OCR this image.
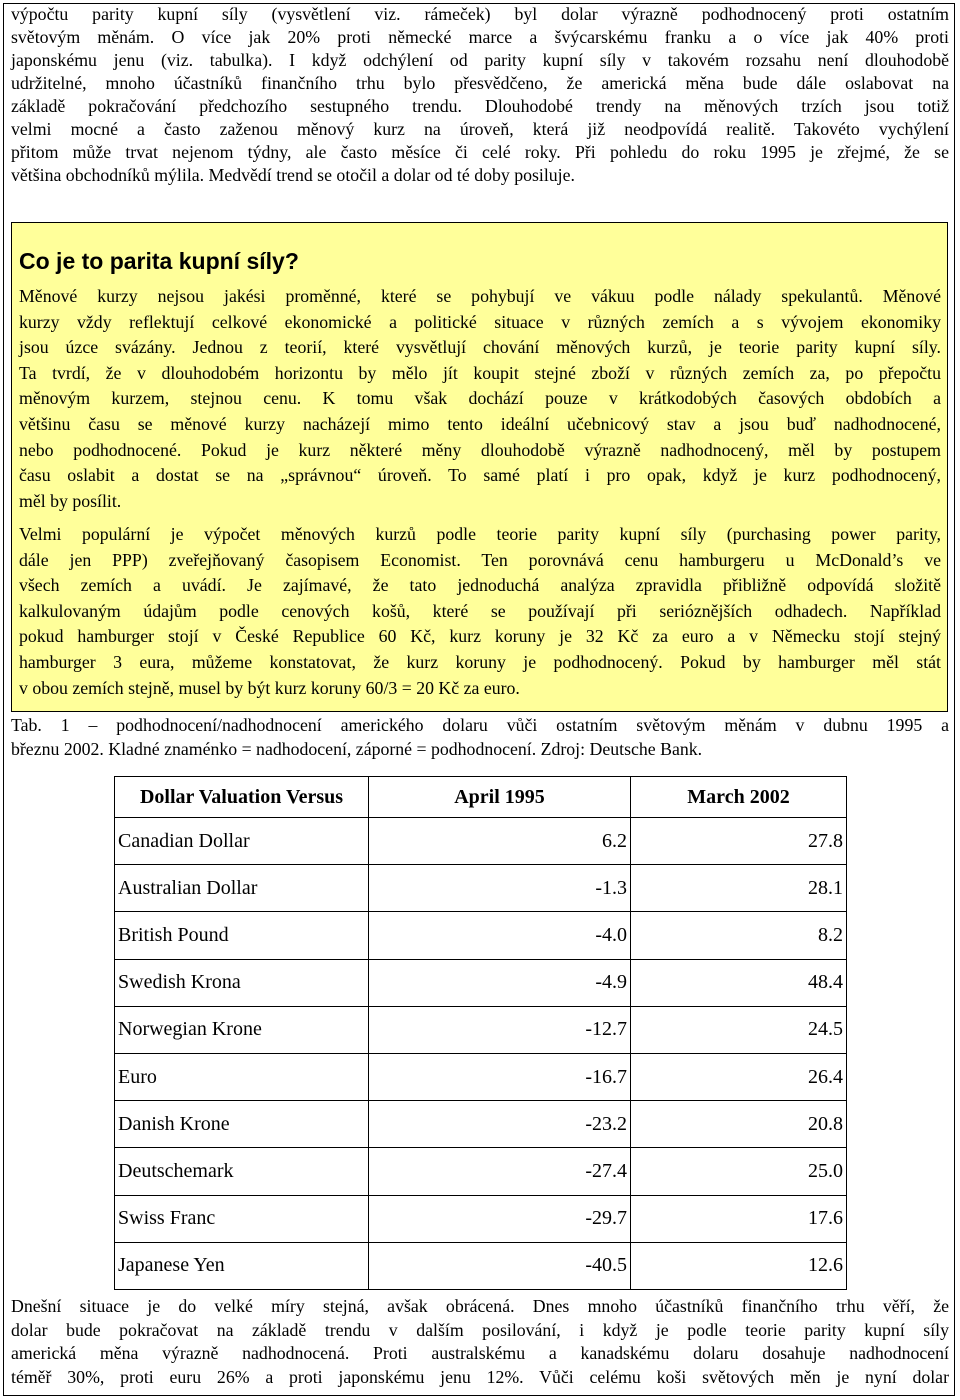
výpočtu parity kupní síly (vysvětlení viz. rámeček) byl dolar výrazně podhodnocený proti ostatním
světovým měnám. O více jak 20% proti německé marce a švýcarskému franku a o více jak 40% proti
japonskému jenu (viz. tabulka). I když odchýlení od parity kupní síly v takovém rozsahu není dlouhodobě
udržitelné, mnoho účastníků finančního trhu bylo přesvědčeno, že americká měna bude dále oslabovat na
základě pokračování předchozího sestupného trendu. Dlouhodobé trendy na měnových trzích jsou totiž
velmi mocné a často zaženou měnový kurz na úroveň, která již neodpovídá realitě. Takovéto vychýlení
přitom může trvat nejenom týdny, ale často měsíce či celé roky. Při pohledu do roku 1995 je zřejmé, že se
většina obchodníků mýlila. Medvědí trend se otočil a dolar od té doby posiluje.
Co je to parita kupní síly?
Měnové kurzy nejsou jakési proměnné, které se pohybují ve vákuu podle nálady spekulantů. Měnové
kurzy vždy reflektují celkové ekonomické a politické situace v různých zemích a s vývojem ekonomiky
jsou úzce svázány. Jednou z teorií, které vysvětlují chování měnových kurzů, je teorie parity kupní síly.
Ta tvrdí, že v dlouhodobém horizontu by mělo jít koupit stejné zboží v různých zemích za, po přepočtu
měnovým kurzem, stejnou cenu. K tomu však dochází pouze v krátkodobých časových obdobích a
většinu času se měnové kurzy nacházejí mimo tento ideální učebnicový stav a jsou buď nadhodnocené,
nebo podhodnocené. Pokud je kurz některé měny dlouhodobě výrazně nadhodnocený, měl by postupem
času oslabit a dostat se na „správnou“ úroveň. To samé platí i pro opak, když je kurz podhodnocený,
měl by posílit.
Velmi populární je výpočet měnových kurzů podle teorie parity kupní síly (purchasing power parity,
dále jen PPP) zveřejňovaný časopisem Economist. Ten porovnává cenu hamburgeru u McDonald’s ve
všech zemích a uvádí. Je zajímavé, že tato jednoduchá analýza zpravidla přibližně odpovídá složitě
kalkulovaným údajům podle cenových košů, které se používají při serióznějších odhadech. Například
pokud hamburger stojí v České Republice 60 Kč, kurz koruny je 32 Kč za euro a v Německu stojí stejný
hamburger 3 eura, můžeme konstatovat, že kurz koruny je podhodnocený. Pokud by hamburger měl stát
v obou zemích stejně, musel by být kurz koruny 60/3 = 20 Kč za euro.
Tab. 1 – podhodnocení/nadhodnocení amerického dolaru vůči ostatním světovým měnám v dubnu 1995 a
březnu 2002. Kladné znaménko = nadhodocení, záporné = podhodnocení. Zdroj: Deutsche Bank.
Dollar Valuation Versus	April 1995	March 2002
Canadian Dollar	6.2	27.8
Australian Dollar	-1.3	28.1
British Pound	-4.0	8.2
Swedish Krona	-4.9	48.4
Norwegian Krone	-12.7	24.5
Euro	-16.7	26.4
Danish Krone	-23.2	20.8
Deutschemark	-27.4	25.0
Swiss Franc	-29.7	17.6
Japanese Yen	-40.5	12.6
Dnešní situace je do velké míry stejná, avšak obrácená. Dnes mnoho účastníků finančního trhu věří, že
dolar bude pokračovat na základě trendu v dalším posilování, i když je podle teorie parity kupní síly
americká měna výrazně nadhodnocená. Proti australskému a kanadskému dolaru dosahuje nadhodnocení
téměř 30%, proti euru 26% a proti japonskému jenu 12%. Vůči celému koši světových měn je nyní dolar
